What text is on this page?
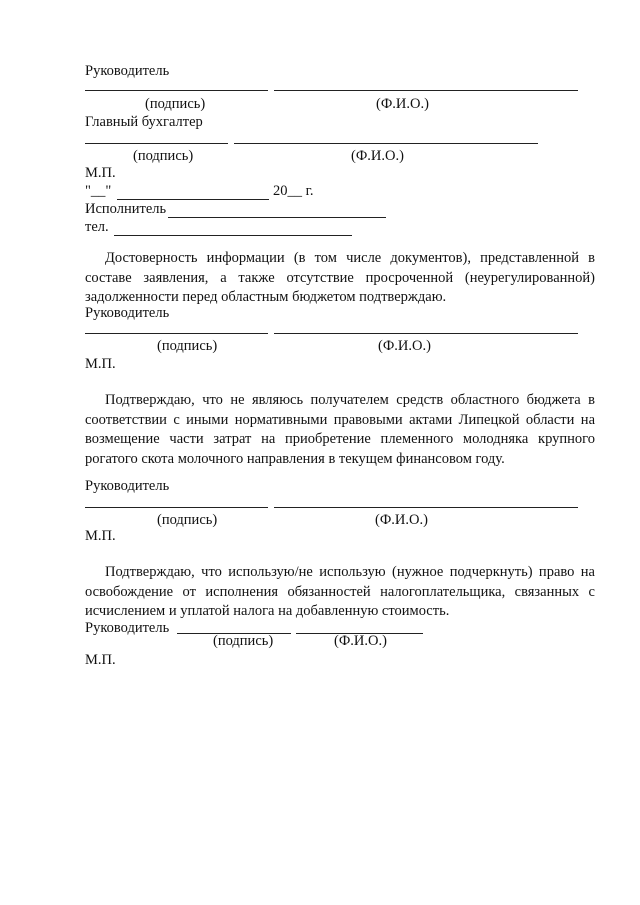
Руководитель
(подпись)	(Ф.И.О.)
Главный бухгалтер
(подпись)	(Ф.И.О.)
М.П.
"__"	20__ г.
Исполнитель
тел.
Достоверность информации (в том числе документов), представленной в составе заявления, а также отсутствие просроченной (неурегулированной) задолженности перед областным бюджетом подтверждаю.
Руководитель
(подпись)	(Ф.И.О.)
М.П.
Подтверждаю, что не являюсь получателем средств областного бюджета в соответствии с иными нормативными правовыми актами Липецкой области на возмещение части затрат на приобретение племенного молодняка крупного рогатого скота молочного направления в текущем финансовом году.
Руководитель
(подпись)	(Ф.И.О.)
М.П.
Подтверждаю, что использую/не использую (нужное подчеркнуть) право на освобождение от исполнения обязанностей налогоплательщика, связанных с исчислением и уплатой налога на добавленную стоимость.
Руководитель
(подпись)	(Ф.И.О.)
М.П.
